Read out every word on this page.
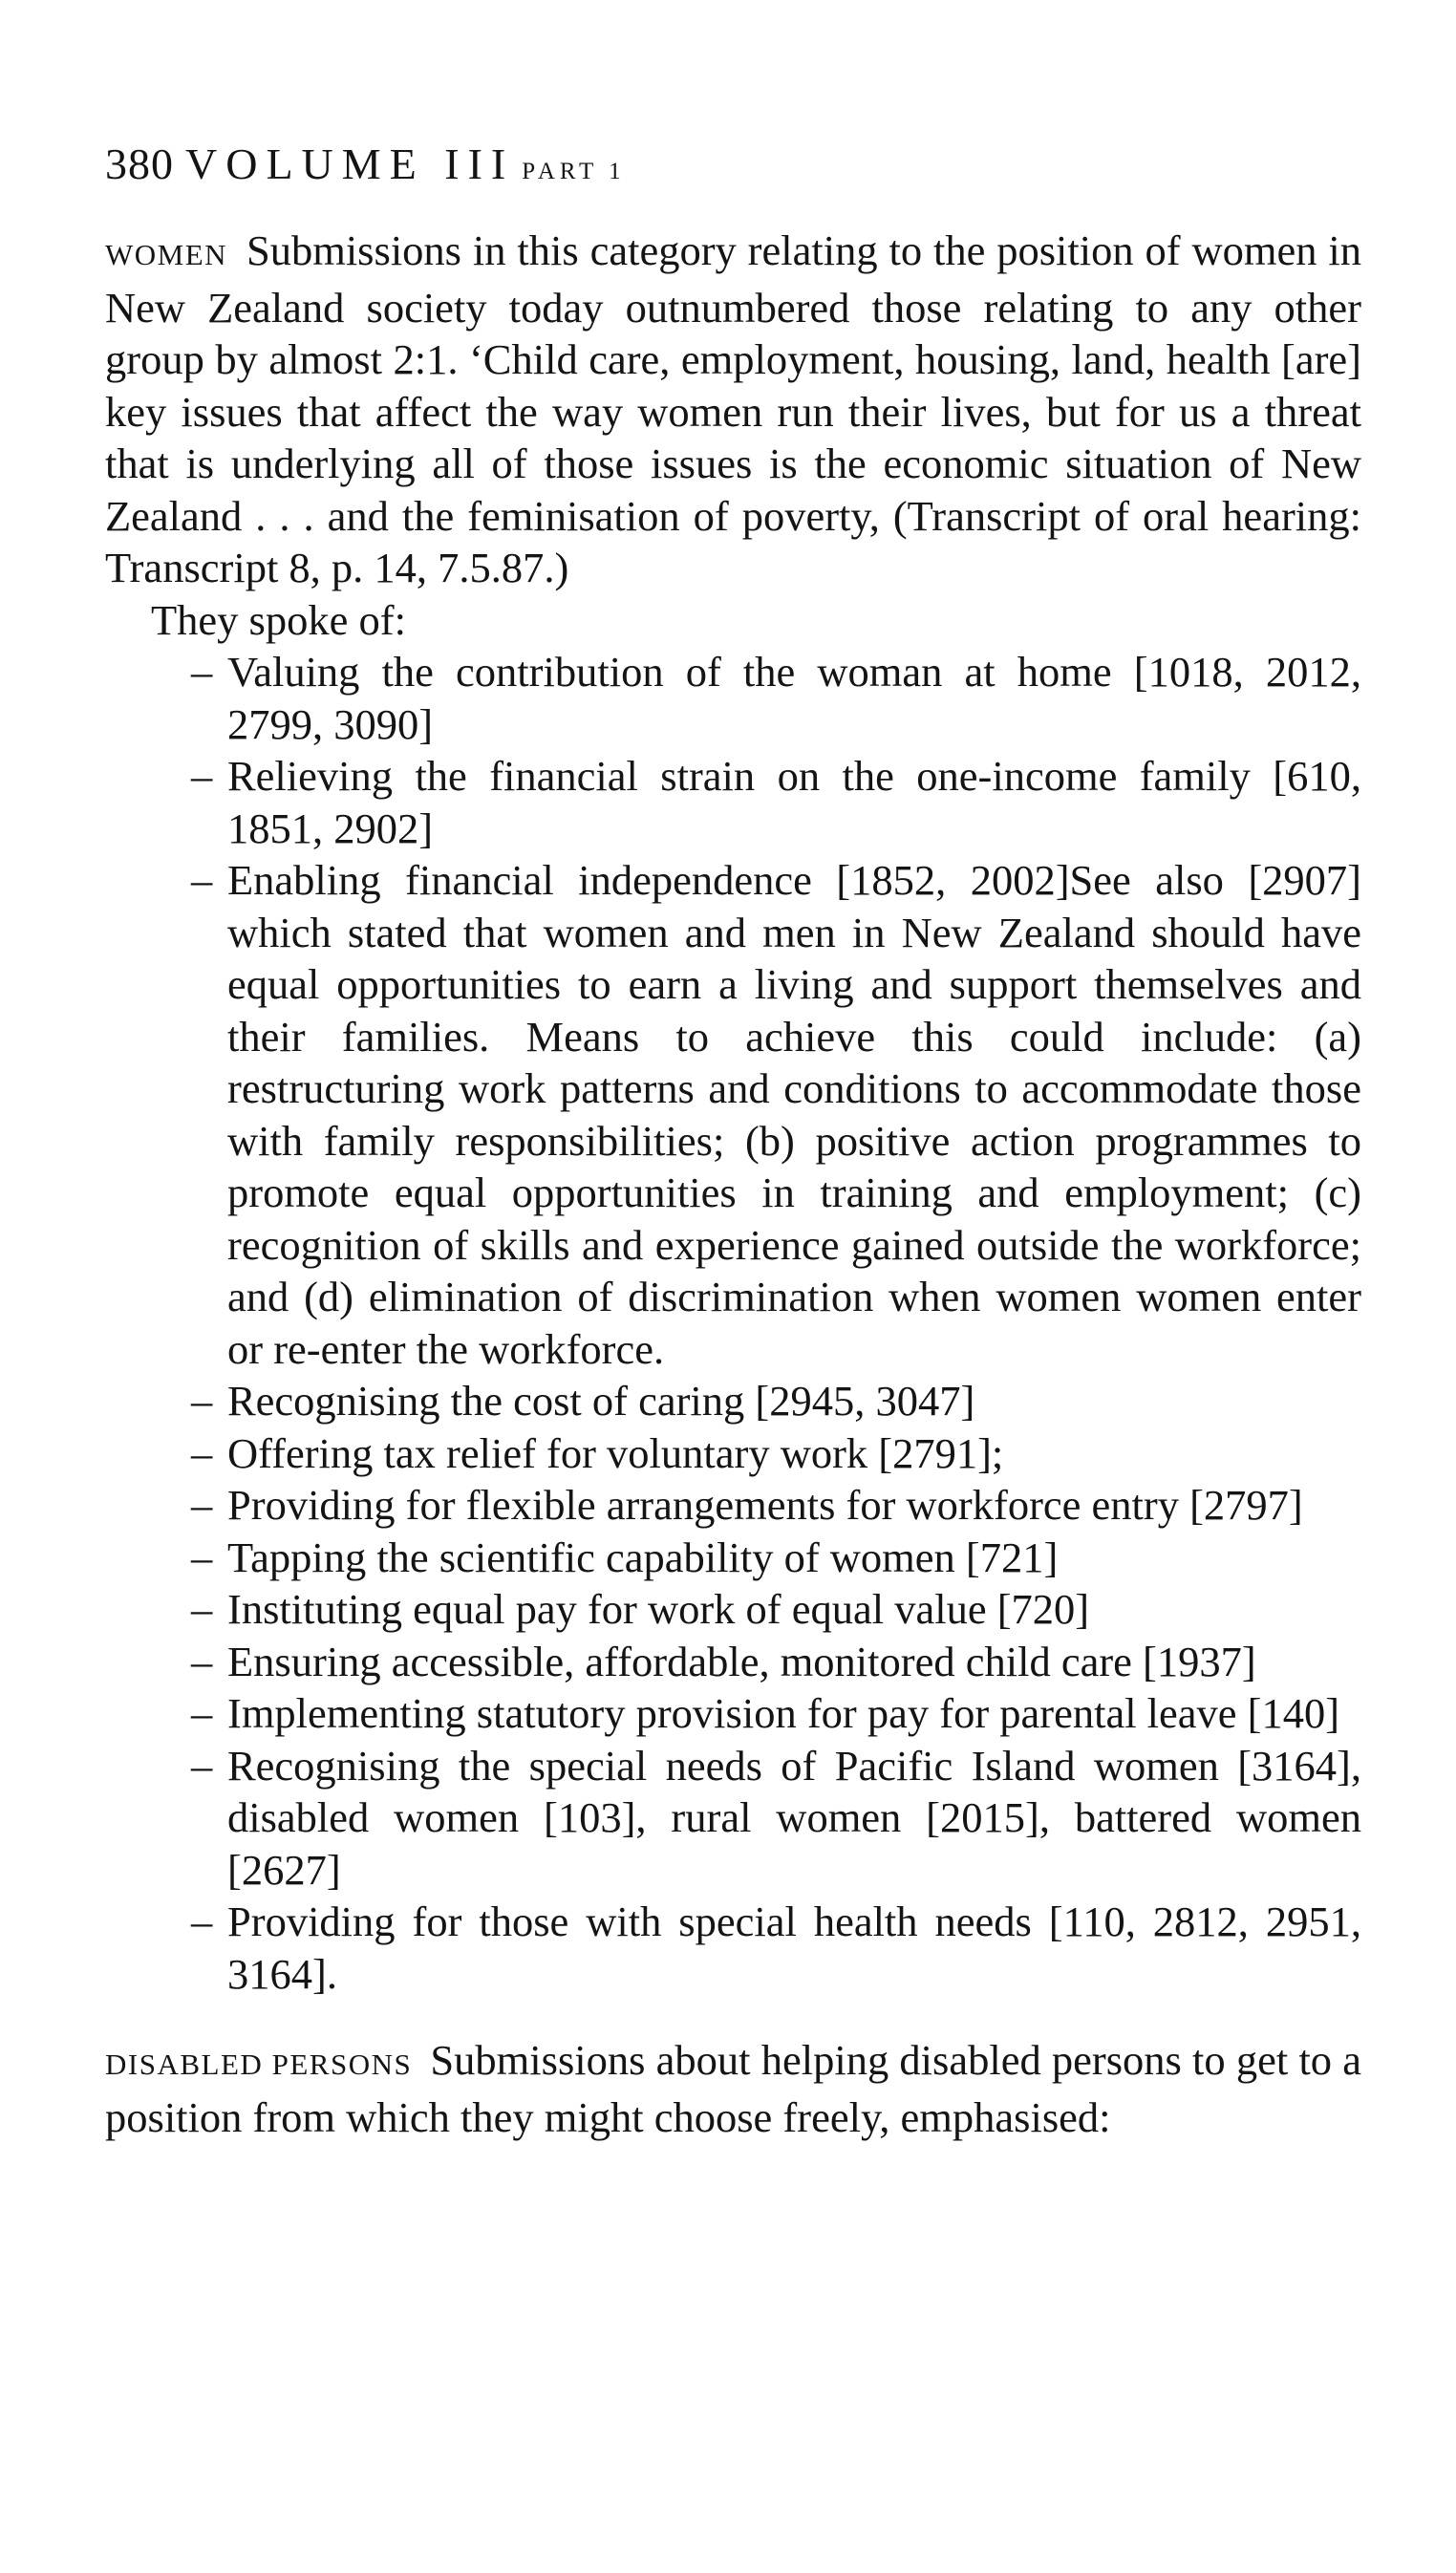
380 VOLUME III PART 1

WOMEN Submissions in this category relating to the position of women in New Zealand society today outnumbered those relating to any other group by almost 2:1. ‘Child care, employment, housing, land, health [are] key issues that affect the way women run their lives, but for us a threat that is underlying all of those issues is the economic situation of New Zealand . . . and the feminisation of poverty, (Transcript of oral hearing: Transcript 8, p. 14, 7.5.87.)

They spoke of:

– Valuing the contribution of the woman at home [1018, 2012, 2799, 3090]
– Relieving the financial strain on the one-income family [610, 1851, 2902]
– Enabling financial independence [1852, 2002]See also [2907] which stated that women and men in New Zealand should have equal opportunities to earn a living and support themselves and their families. Means to achieve this could include: (a) restructuring work patterns and conditions to accommodate those with family responsibilities; (b) positive action programmes to promote equal opportunities in training and employment; (c) recognition of skills and experience gained outside the workforce; and (d) elimination of discrimination when women women enter or re-enter the workforce.
– Recognising the cost of caring [2945, 3047]
– Offering tax relief for voluntary work [2791];
– Providing for flexible arrangements for workforce entry [2797]
– Tapping the scientific capability of women [721]
– Instituting equal pay for work of equal value [720]
– Ensuring accessible, affordable, monitored child care [1937]
– Implementing statutory provision for pay for parental leave [140]
– Recognising the special needs of Pacific Island women [3164], disabled women [103], rural women [2015], battered women [2627]
– Providing for those with special health needs [110, 2812, 2951, 3164].

DISABLED PERSONS Submissions about helping disabled persons to get to a position from which they might choose freely, emphasised:
